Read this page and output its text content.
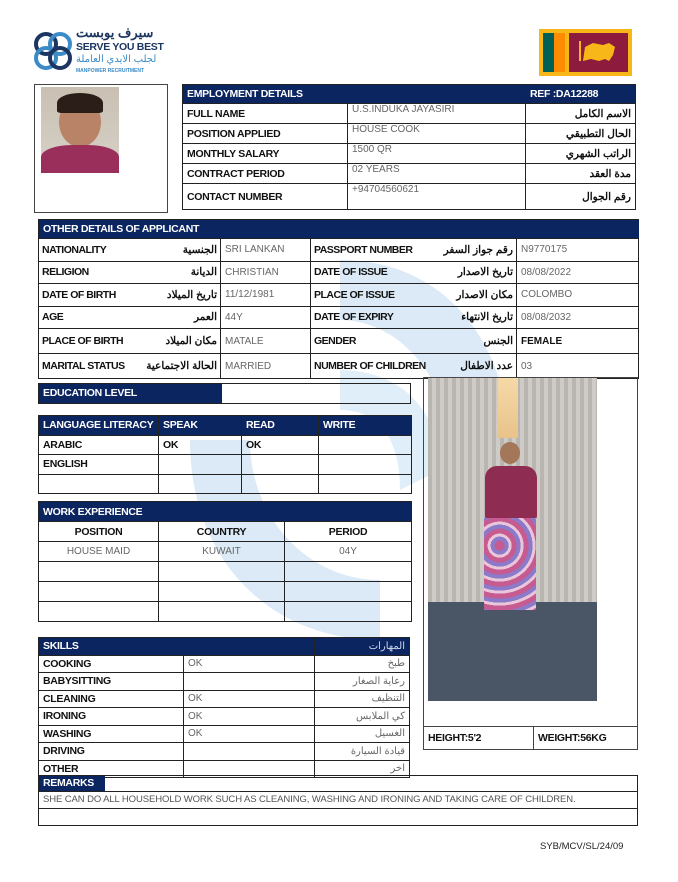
سيرف يوبست
SERVE YOU BEST
لجلب الايدي العاملة
MANPOWER RECRUITMENT
EMPLOYMENT DETAILS		REF :DA12288
FULL NAME	U.S.INDUKA JAYASIRI	الاسم الكامل
POSITION APPLIED	HOUSE COOK	الحال التطبيقي
MONTHLY SALARY	1500 QR	الراتب الشهري
CONTRACT PERIOD	02 YEARS	مدة العقد
CONTACT NUMBER	+94704560621	رقم الجوال
OTHER DETAILS OF APPLICANT					
NATIONALITY	الجنسية	SRI LANKAN	PASSPORT NUMBER	رقم جواز السفر	N9770175
RELIGION	الديانة	CHRISTIAN	DATE OF ISSUE	تاريخ الاصدار	08/08/2022
DATE OF BIRTH	تاريخ الميلاد	11/12/1981	PLACE OF ISSUE	مكان الاصدار	COLOMBO
AGE	العمر	44Y	DATE OF EXPIRY	تاريخ الانتهاء	08/08/2032
PLACE OF BIRTH	مكان الميلاد	MATALE	GENDER	الجنس	FEMALE
MARITAL STATUS	الحالة الاجتماعية	MARRIED	NUMBER OF CHILDREN	عدد الاطفال	03
EDUCATION LEVEL
LANGUAGE LITERACY	SPEAK	READ	WRITE
ARABIC	OK	OK	
ENGLISH			

WORK EXPERIENCE		
POSITION	COUNTRY	PERIOD
HOUSE MAID	KUWAIT	04Y

SKILLS		المهارات
COOKING	OK	طبخ
BABYSITTING		رعاية الصغار
CLEANING	OK	التنظيف
IRONING	OK	كي الملابس
WASHING	OK	الغسيل
DRIVING		قيادة السيارة
OTHER		اخر
HEIGHT:5'2	WEIGHT:56KG
REMARKS
SHE CAN DO ALL HOUSEHOLD WORK SUCH AS CLEANING, WASHING AND IRONING AND TAKING CARE OF CHILDREN.
SYB/MCV/SL/24/09
